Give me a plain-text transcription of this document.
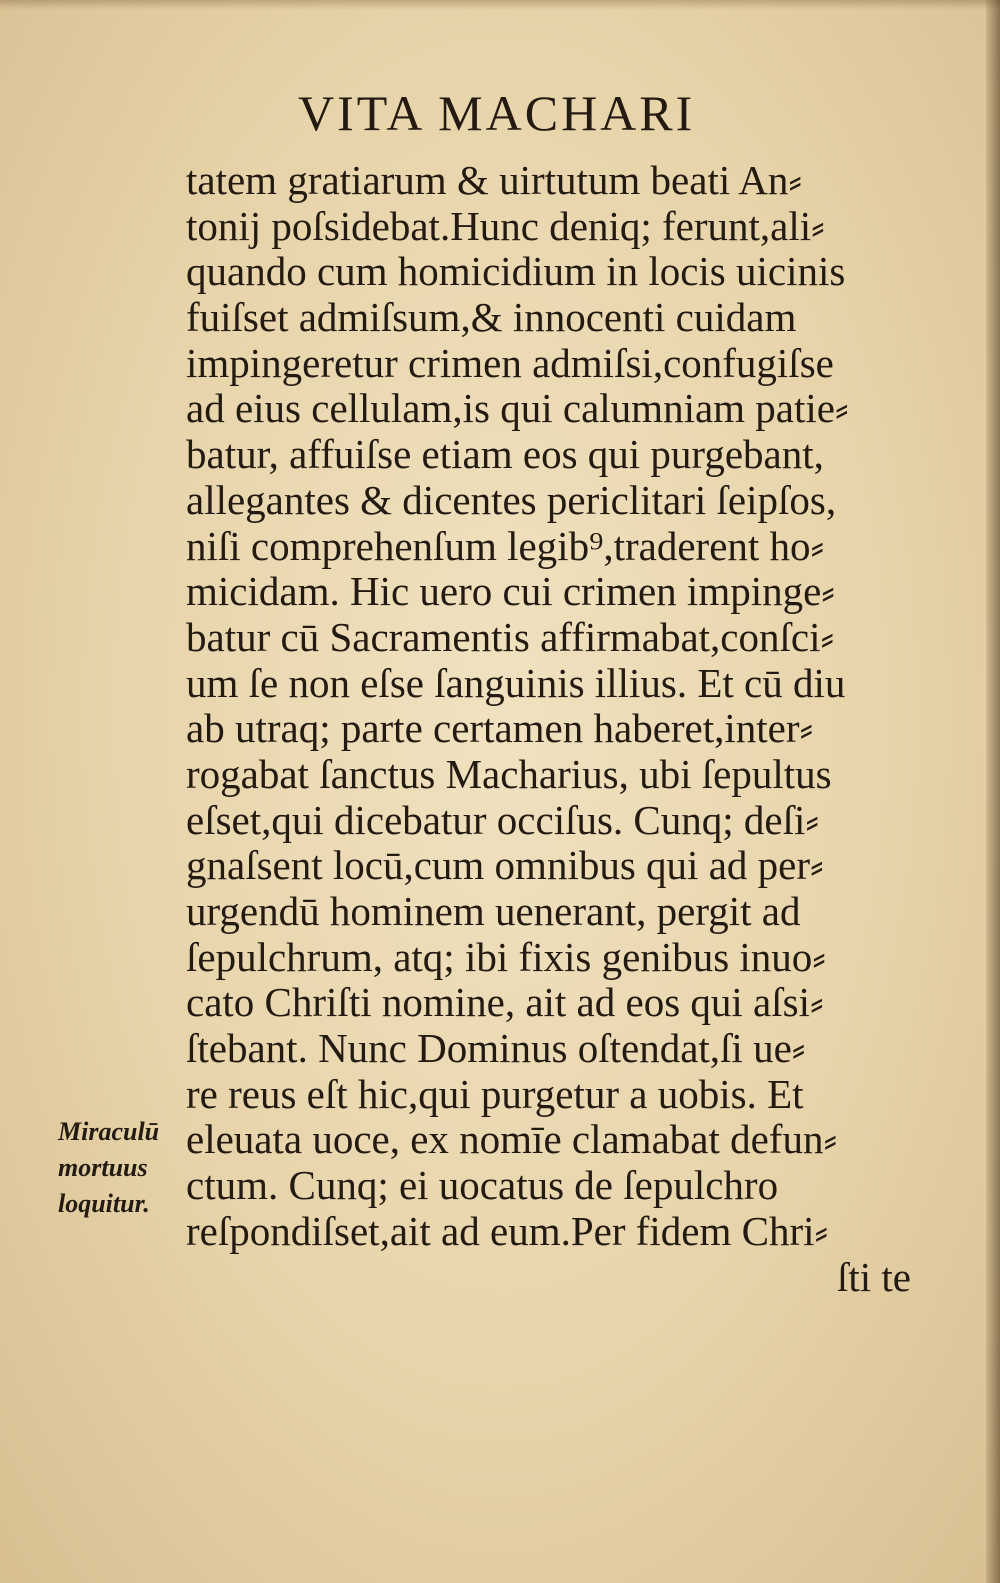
VITA MACHARI
tatem gratiarum & uirtutum beati An⸗
tonij poſsidebat.Hunc deniq; ferunt,ali⸗
quando cum homicidium in locis uicinis
fuiſset admiſsum,& innocenti cuidam
impingeretur crimen admiſsi,confugiſse
ad eius cellulam,is qui calumniam patie⸗
batur, affuiſse etiam eos qui purgebant,
allegantes & dicentes periclitari ſeipſos,
niſi comprehenſum legib⁹,traderent ho⸗
micidam. Hic uero cui crimen impinge⸗
batur cū Sacramentis affirmabat,conſci⸗
um ſe non eſse ſanguinis illius. Et cū diu
ab utraq; parte certamen haberet,inter⸗
rogabat ſanctus Macharius, ubi ſepultus
eſset,qui dicebatur occiſus. Cunq; deſi⸗
gnaſsent locū,cum omnibus qui ad per⸗
urgendū hominem uenerant, pergit ad
ſepulchrum, atq; ibi fixis genibus inuo⸗
cato Chriſti nomine, ait ad eos qui aſsi⸗
ſtebant. Nunc Dominus oſtendat,ſi ue⸗
re reus eſt hic,qui purgetur a uobis. Et
eleuata uoce, ex nomīe clamabat defun⸗
ctum. Cunq; ei uocatus de ſepulchro
reſpondiſset,ait ad eum.Per fidem Chri⸗
ſti te
Miraculū
mortuus
loquitur.
